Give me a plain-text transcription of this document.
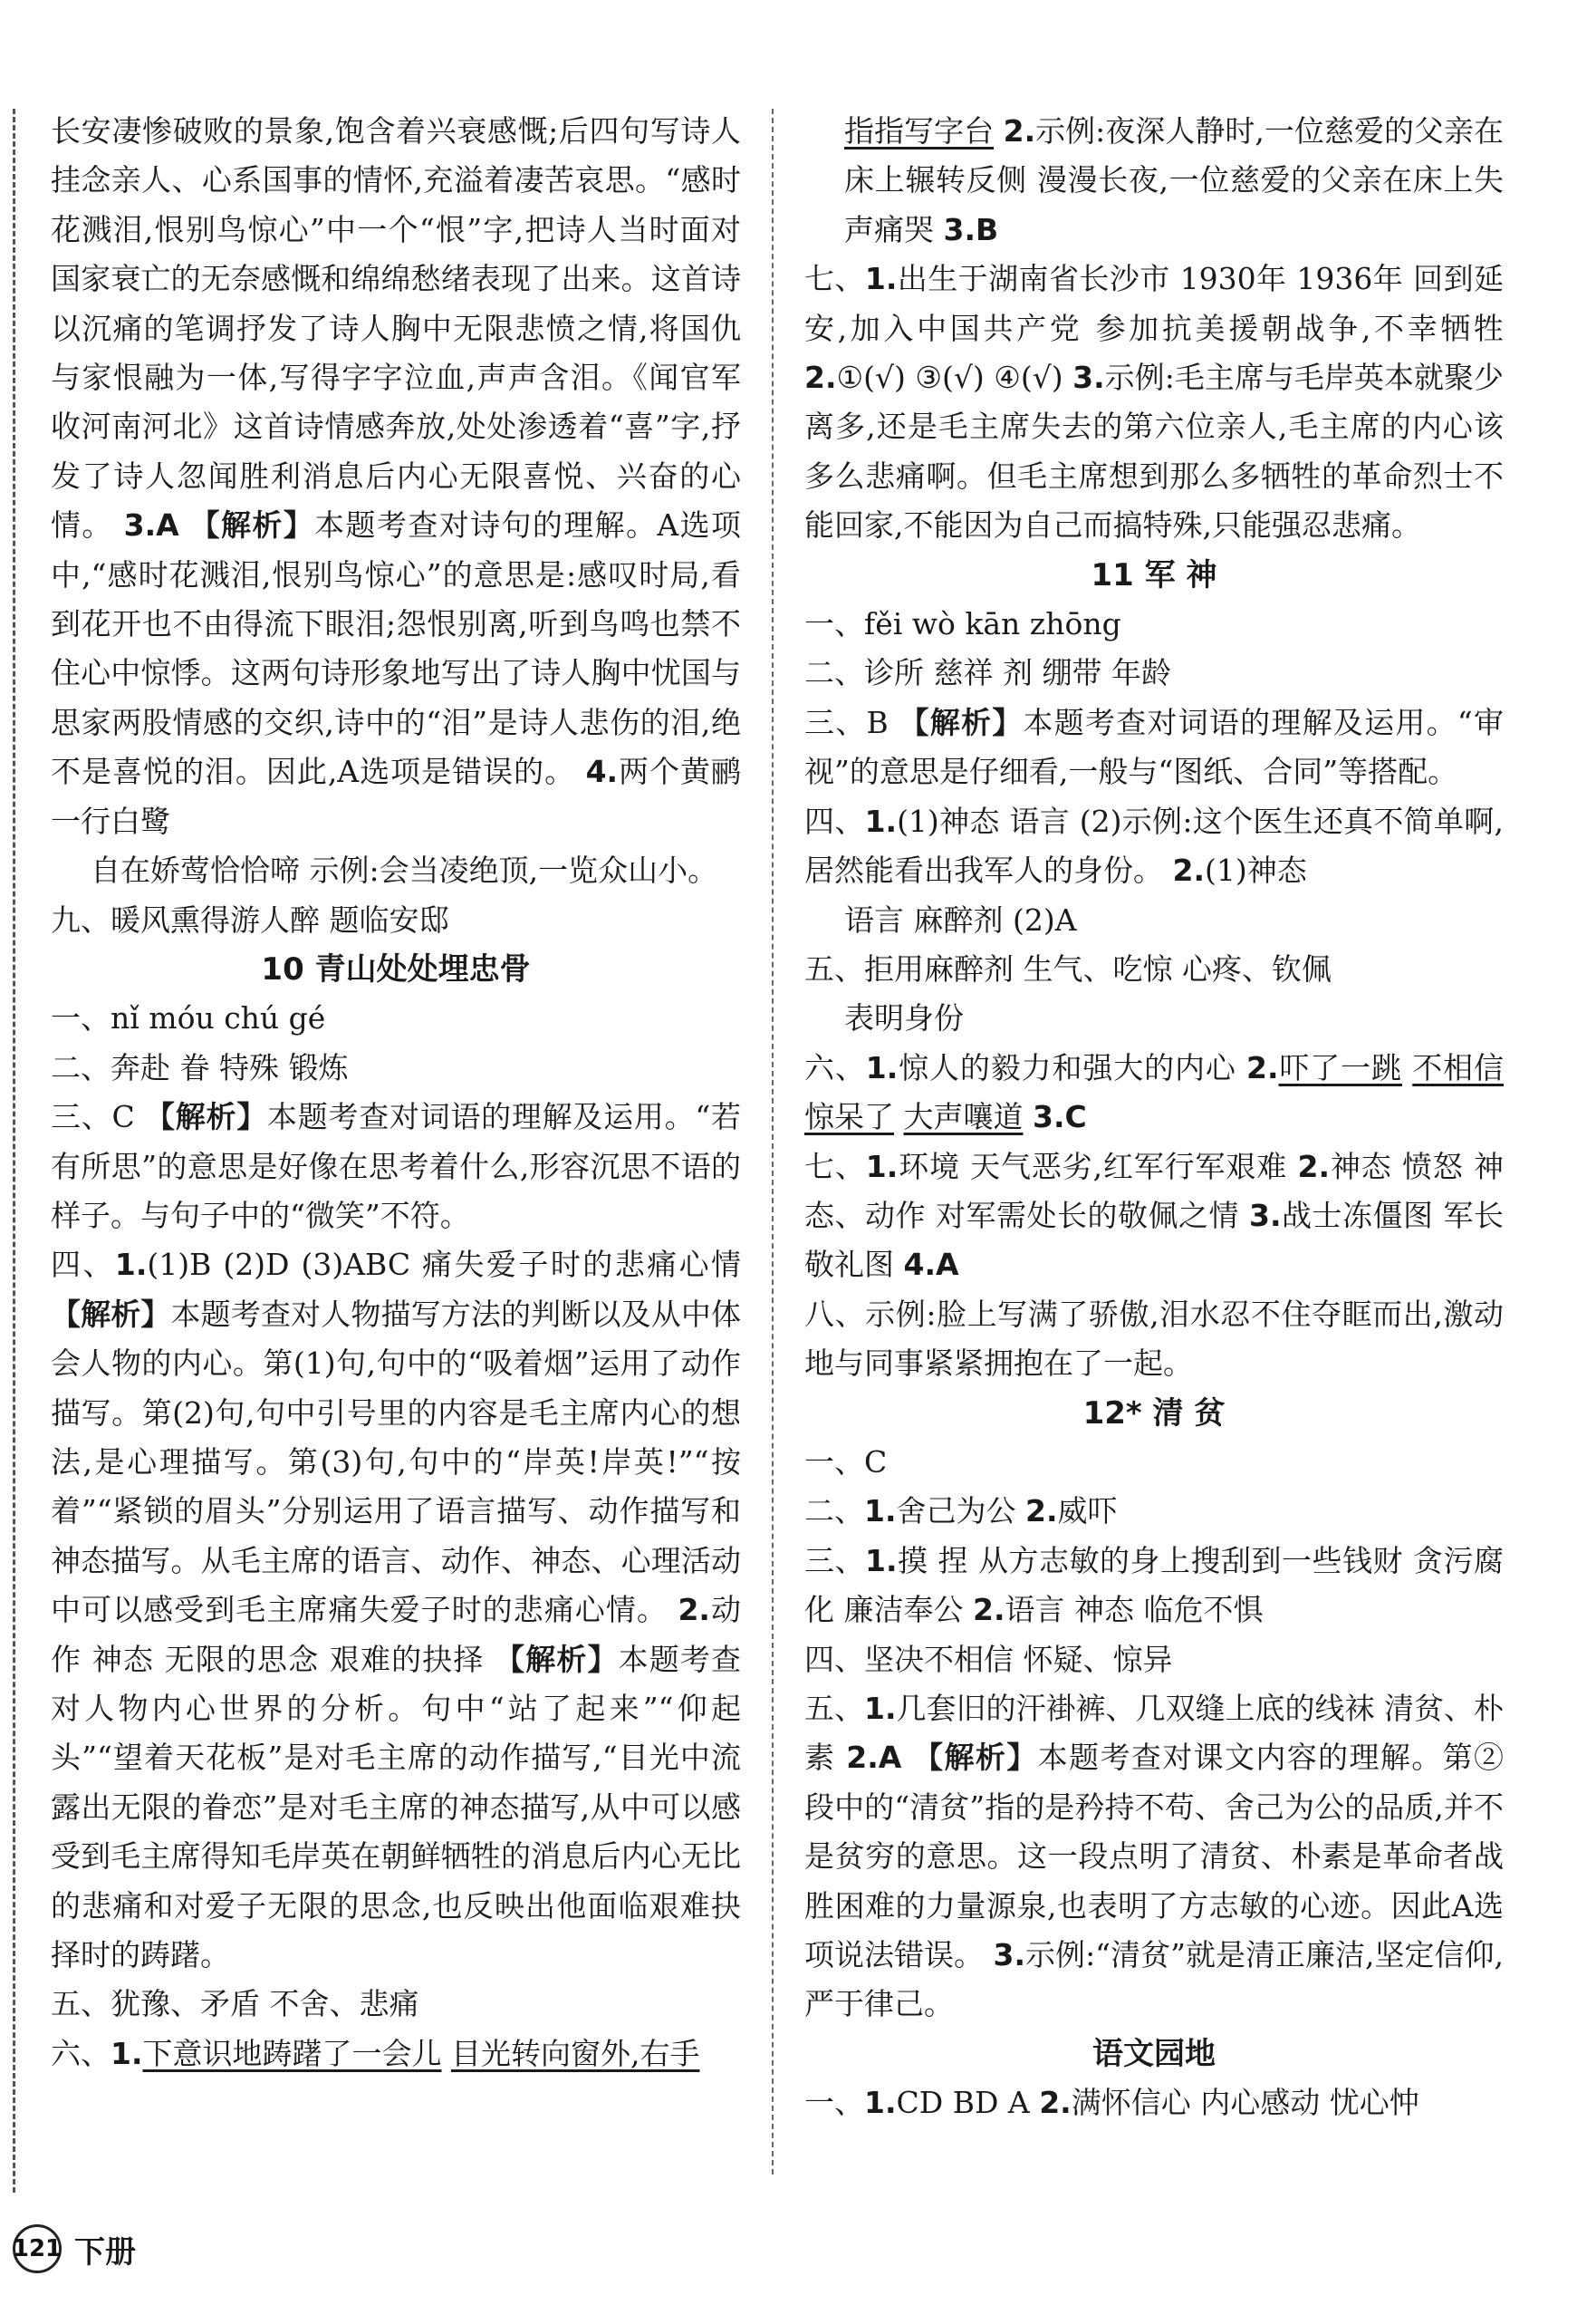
长安凄惨破败的景象,饱含着兴衰感慨;后四句写诗人挂念亲人、心系国事的情怀,充溢着凄苦哀思。“感时花溅泪,恨别鸟惊心”中一个“恨”字,把诗人当时面对国家衰亡的无奈感慨和绵绵愁绪表现了出来。这首诗以沉痛的笔调抒发了诗人胸中无限悲愤之情,将国仇与家恨融为一体,写得字字泣血,声声含泪。《闻官军收河南河北》这首诗情感奔放,处处渗透着“喜”字,抒发了诗人忽闻胜利消息后内心无限喜悦、兴奋的心情。 3.A 【解析】本题考查对诗句的理解。A选项中,“感时花溅泪,恨别鸟惊心”的意思是:感叹时局,看到花开也不由得流下眼泪;怨恨别离,听到鸟鸣也禁不住心中惊悸。这两句诗形象地写出了诗人胸中忧国与思家两股情感的交织,诗中的“泪”是诗人悲伤的泪,绝不是喜悦的泪。因此,A选项是错误的。 4.两个黄鹂 一行白鹭

自在娇莺恰恰啼 示例:会当凌绝顶,一览众山小。

九、暖风熏得游人醉 题临安邸

10 青山处处埋忠骨

一、nǐ móu chú gé

二、奔赴 眷 特殊 锻炼

三、C 【解析】本题考查对词语的理解及运用。“若有所思”的意思是好像在思考着什么,形容沉思不语的样子。与句子中的“微笑”不符。

四、1.(1)B (2)D (3)ABC 痛失爱子时的悲痛心情 【解析】本题考查对人物描写方法的判断以及从中体会人物的内心。第(1)句,句中的“吸着烟”运用了动作描写。第(2)句,句中引号里的内容是毛主席内心的想法,是心理描写。第(3)句,句中的“岸英!岸英!”“按着”“紧锁的眉头”分别运用了语言描写、动作描写和神态描写。从毛主席的语言、动作、神态、心理活动中可以感受到毛主席痛失爱子时的悲痛心情。 2.动作 神态 无限的思念 艰难的抉择 【解析】本题考查对人物内心世界的分析。句中“站了起来”“仰起头”“望着天花板”是对毛主席的动作描写,“目光中流露出无限的眷恋”是对毛主席的神态描写,从中可以感受到毛主席得知毛岸英在朝鲜牺牲的消息后内心无比的悲痛和对爱子无限的思念,也反映出他面临艰难抉择时的踌躇。

五、犹豫、矛盾 不舍、悲痛

六、1.下意识地踌躇了一会儿 目光转向窗外,右手

指指写字台 2.示例:夜深人静时,一位慈爱的父亲在床上辗转反侧 漫漫长夜,一位慈爱的父亲在床上失声痛哭 3.B

七、1.出生于湖南省长沙市 1930年 1936年 回到延安,加入中国共产党 参加抗美援朝战争,不幸牺牲 2.①(√) ③(√) ④(√) 3.示例:毛主席与毛岸英本就聚少离多,还是毛主席失去的第六位亲人,毛主席的内心该多么悲痛啊。但毛主席想到那么多牺牲的革命烈士不能回家,不能因为自己而搞特殊,只能强忍悲痛。

11 军 神

一、fěi wò kān zhōng

二、诊所 慈祥 剂 绷带 年龄

三、B 【解析】本题考查对词语的理解及运用。“审视”的意思是仔细看,一般与“图纸、合同”等搭配。

四、1.(1)神态 语言 (2)示例:这个医生还真不简单啊,居然能看出我军人的身份。 2.(1)神态

语言 麻醉剂 (2)A

五、拒用麻醉剂 生气、吃惊 心疼、钦佩

表明身份

六、1.惊人的毅力和强大的内心 2.吓了一跳 不相信 惊呆了 大声嚷道 3.C

七、1.环境 天气恶劣,红军行军艰难 2.神态 愤怒 神态、动作 对军需处长的敬佩之情 3.战士冻僵图 军长敬礼图 4.A

八、示例:脸上写满了骄傲,泪水忍不住夺眶而出,激动地与同事紧紧拥抱在了一起。

12* 清 贫

一、C

二、1.舍己为公 2.威吓

三、1.摸 捏 从方志敏的身上搜刮到一些钱财 贪污腐化 廉洁奉公 2.语言 神态 临危不惧

四、坚决不相信 怀疑、惊异

五、1.几套旧的汗褂裤、几双缝上底的线袜 清贫、朴素 2.A 【解析】本题考查对课文内容的理解。第②段中的“清贫”指的是矜持不苟、舍己为公的品质,并不是贫穷的意思。这一段点明了清贫、朴素是革命者战胜困难的力量源泉,也表明了方志敏的心迹。因此A选项说法错误。 3.示例:“清贫”就是清正廉洁,坚定信仰,严于律己。

语文园地

一、1.CD BD A 2.满怀信心 内心感动 忧心忡

121 下册
